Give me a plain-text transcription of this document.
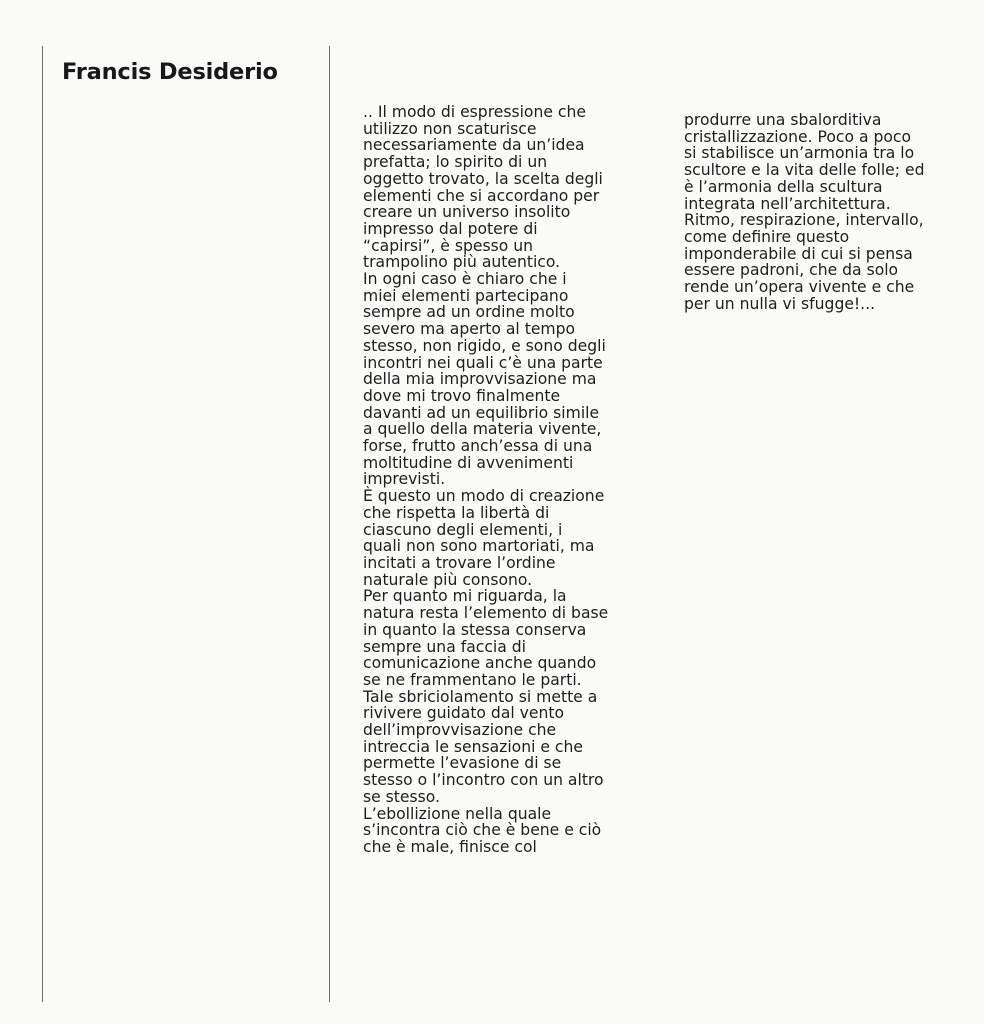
Francis Desiderio
.. Il modo di espressione che
utilizzo non scaturisce
necessariamente da un’idea
prefatta; lo spirito di un
oggetto trovato, la scelta degli
elementi che si accordano per
creare un universo insolito
impresso dal potere di
“capirsi”, è spesso un
trampolino più autentico.
In ogni caso è chiaro che i
miei elementi partecipano
sempre ad un ordine molto
severo ma aperto al tempo
stesso, non rigido, e sono degli
incontri nei quali c’è una parte
della mia improvvisazione ma
dove mi trovo finalmente
davanti ad un equilibrio simile
a quello della materia vivente,
forse, frutto anch’essa di una
moltitudine di avvenimenti
imprevisti.
È questo un modo di creazione
che rispetta la libertà di
ciascuno degli elementi, i
quali non sono martoriati, ma
incitati a trovare l’ordine
naturale più consono.
Per quanto mi riguarda, la
natura resta l’elemento di base
in quanto la stessa conserva
sempre una faccia di
comunicazione anche quando
se ne frammentano le parti.
Tale sbriciolamento si mette a
rivivere guidato dal vento
dell’improvvisazione che
intreccia le sensazioni e che
permette l’evasione di se
stesso o l’incontro con un altro
se stesso.
L’ebollizione nella quale
s’incontra ciò che è bene e ciò
che è male, finisce col
produrre una sbalorditiva
cristallizzazione. Poco a poco
si stabilisce un’armonia tra lo
scultore e la vita delle folle; ed
è l’armonia della scultura
integrata nell’architettura.
Ritmo, respirazione, intervallo,
come definire questo
imponderabile di cui si pensa
essere padroni, che da solo
rende un’opera vivente e che
per un nulla vi sfugge!...
